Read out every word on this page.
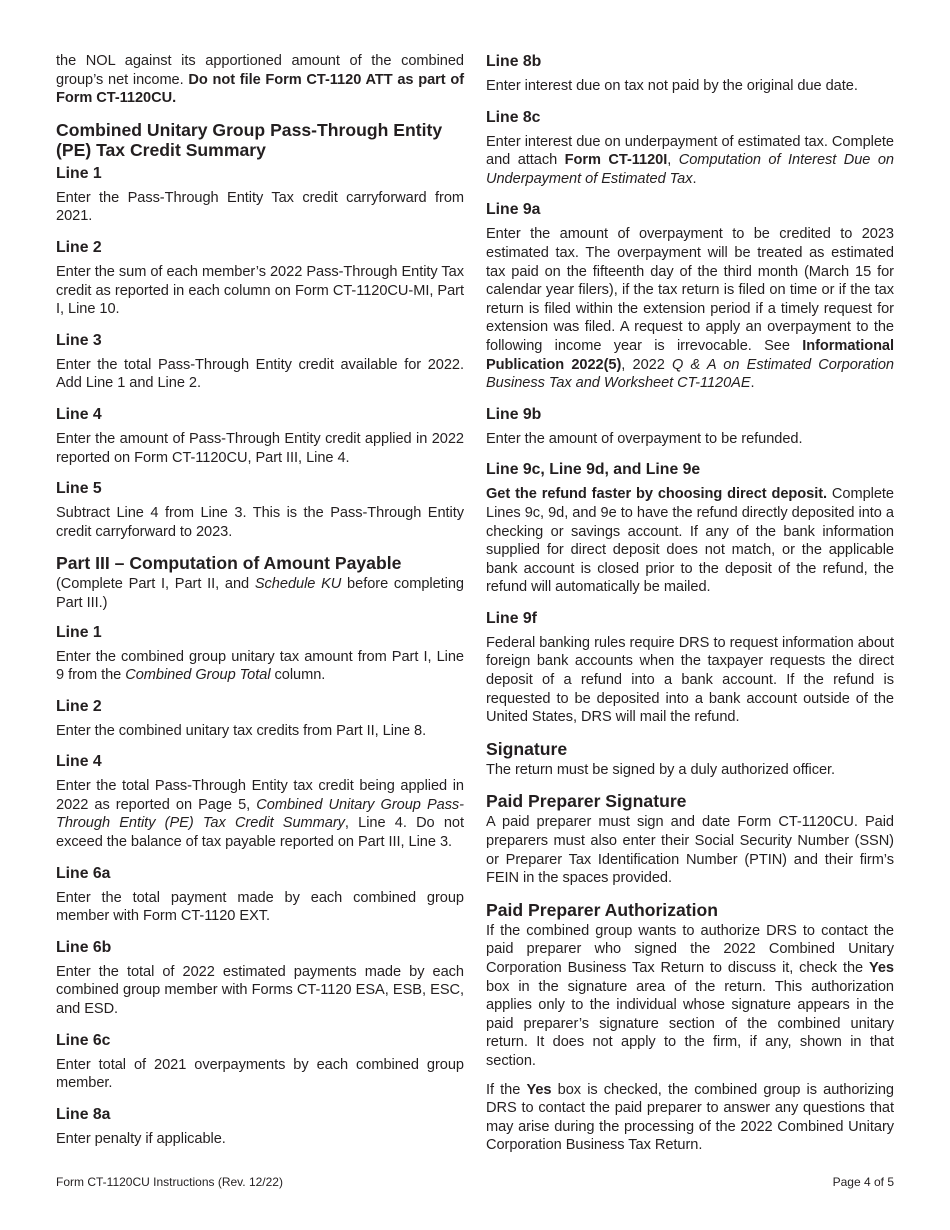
the NOL against its apportioned amount of the combined group’s net income. Do not file Form CT-1120 ATT as part of Form CT-1120CU.

Combined Unitary Group Pass-Through Entity (PE) Tax Credit Summary
Line 1

Enter the Pass-Through Entity Tax credit carryforward from 2021.

Line 2

Enter the sum of each member’s 2022 Pass-Through Entity Tax credit as reported in each column on Form CT-1120CU-MI, Part I, Line 10.

Line 3

Enter the total Pass-Through Entity credit available for 2022. Add Line 1 and Line 2.

Line 4

Enter the amount of Pass-Through Entity credit applied in 2022 reported on Form CT-1120CU, Part III, Line 4.

Line 5

Subtract Line 4 from Line 3. This is the Pass-Through Entity credit carryforward to 2023.

Part III – Computation of Amount Payable

(Complete Part I, Part II, and Schedule KU before completing Part III.)

Line 1

Enter the combined group unitary tax amount from Part I, Line 9 from the Combined Group Total column.

Line 2

Enter the combined unitary tax credits from Part II, Line 8.

Line 4

Enter the total Pass-Through Entity tax credit being applied in 2022 as reported on Page 5, Combined Unitary Group Pass-Through Entity (PE) Tax Credit Summary, Line 4. Do not exceed the balance of tax payable reported on Part III, Line 3.

Line 6a

Enter the total payment made by each combined group member with Form CT-1120 EXT.

Line 6b

Enter the total of 2022 estimated payments made by each combined group member with Forms CT-1120 ESA, ESB, ESC, and ESD.

Line 6c

Enter total of 2021 overpayments by each combined group member.

Line 8a

Enter penalty if applicable.

Line 8b

Enter interest due on tax not paid by the original due date.

Line 8c

Enter interest due on underpayment of estimated tax. Complete and attach Form CT-1120I, Computation of Interest Due on Underpayment of Estimated Tax.

Line 9a

Enter the amount of overpayment to be credited to 2023 estimated tax. The overpayment will be treated as estimated tax paid on the fifteenth day of the third month (March 15 for calendar year filers), if the tax return is filed on time or if the tax return is filed within the extension period if a timely request for extension was filed. A request to apply an overpayment to the following income year is irrevocable. See Informational Publication 2022(5), 2022 Q & A on Estimated Corporation Business Tax and Worksheet CT-1120AE.

Line 9b

Enter the amount of overpayment to be refunded.

Line 9c, Line 9d, and Line 9e

Get the refund faster by choosing direct deposit. Complete Lines 9c, 9d, and 9e to have the refund directly deposited into a checking or savings account. If any of the bank information supplied for direct deposit does not match, or the applicable bank account is closed prior to the deposit of the refund, the refund will automatically be mailed.

Line 9f

Federal banking rules require DRS to request information about foreign bank accounts when the taxpayer requests the direct deposit of a refund into a bank account. If the refund is requested to be deposited into a bank account outside of the United States, DRS will mail the refund.

Signature

The return must be signed by a duly authorized officer.

Paid Preparer Signature

A paid preparer must sign and date Form CT-1120CU. Paid preparers must also enter their Social Security Number (SSN) or Preparer Tax Identification Number (PTIN) and their firm’s FEIN in the spaces provided.

Paid Preparer Authorization

If the combined group wants to authorize DRS to contact the paid preparer who signed the 2022 Combined Unitary Corporation Business Tax Return to discuss it, check the Yes box in the signature area of the return. This authorization applies only to the individual whose signature appears in the paid preparer’s signature section of the combined unitary return. It does not apply to the firm, if any, shown in that section.

If the Yes box is checked, the combined group is authorizing DRS to contact the paid preparer to answer any questions that may arise during the processing of the 2022 Combined Unitary Corporation Business Tax Return.

Form CT-1120CU Instructions (Rev. 12/22)	Page 4 of 5
